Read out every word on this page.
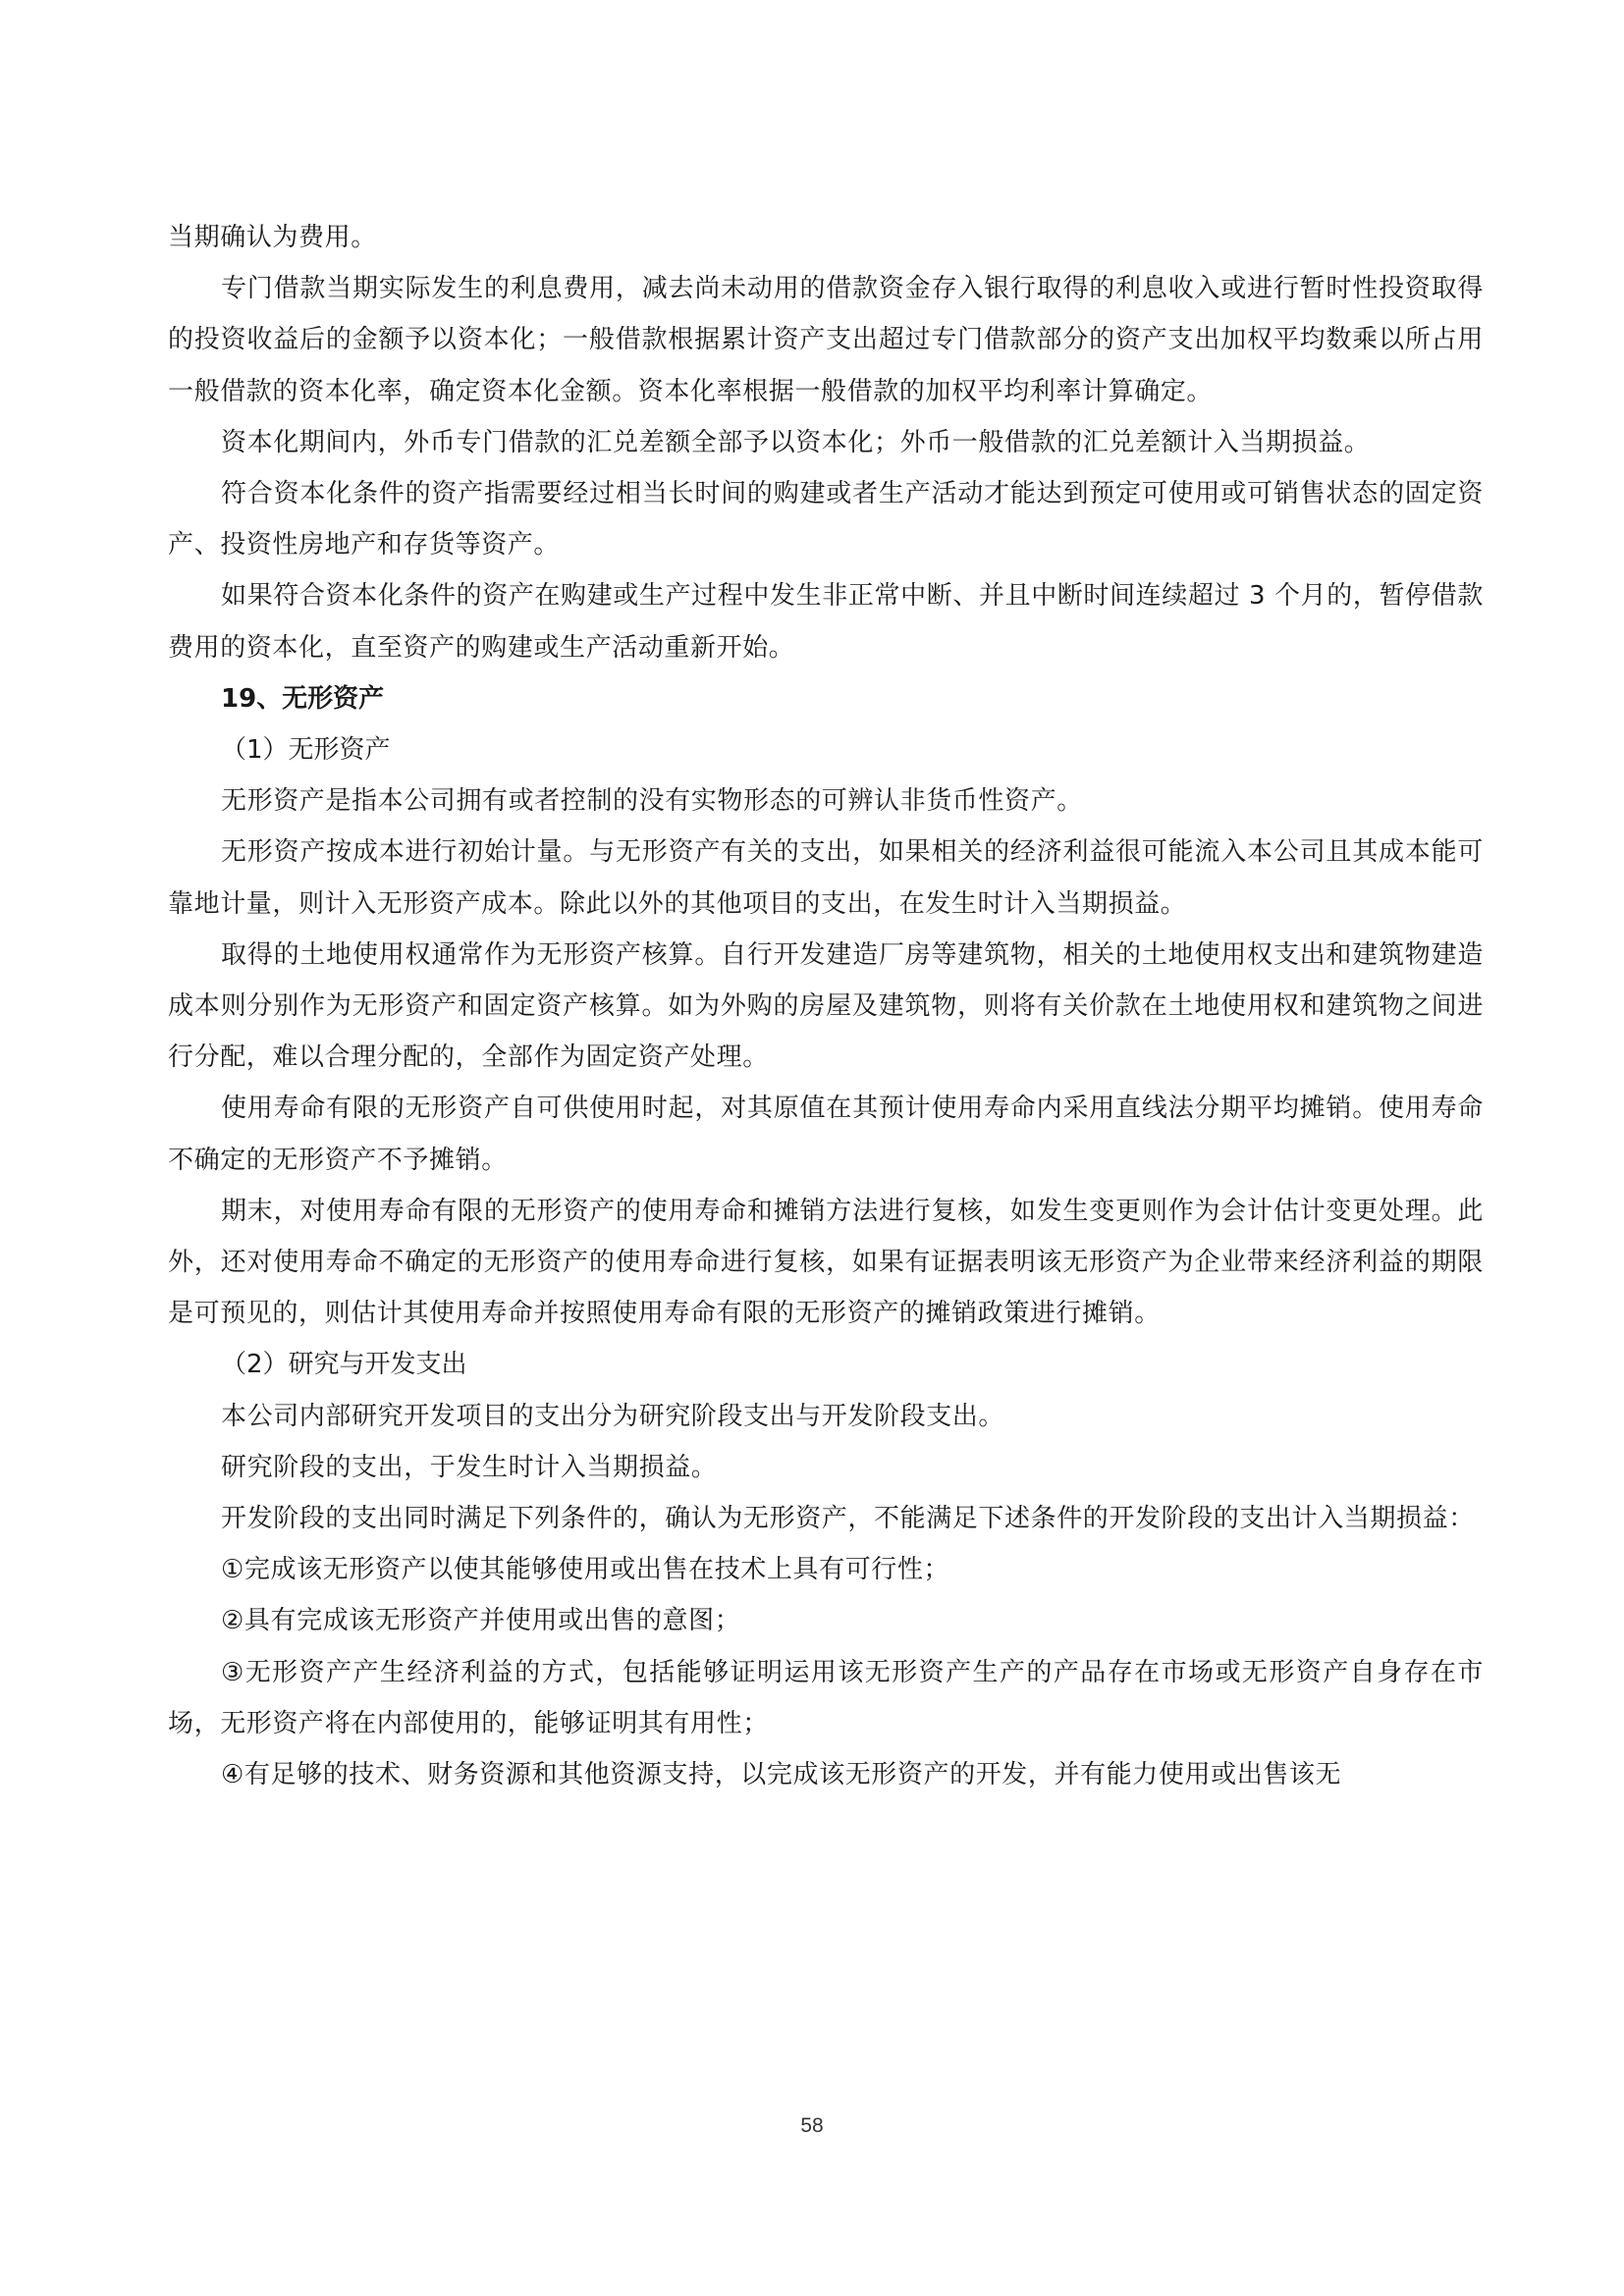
当期确认为费用。

专门借款当期实际发生的利息费用，减去尚未动用的借款资金存入银行取得的利息收入或进行暂时性投资取得的投资收益后的金额予以资本化；一般借款根据累计资产支出超过专门借款部分的资产支出加权平均数乘以所占用一般借款的资本化率，确定资本化金额。资本化率根据一般借款的加权平均利率计算确定。

资本化期间内，外币专门借款的汇兑差额全部予以资本化；外币一般借款的汇兑差额计入当期损益。

符合资本化条件的资产指需要经过相当长时间的购建或者生产活动才能达到预定可使用或可销售状态的固定资产、投资性房地产和存货等资产。

如果符合资本化条件的资产在购建或生产过程中发生非正常中断、并且中断时间连续超过 3 个月的，暂停借款费用的资本化，直至资产的购建或生产活动重新开始。

19、无形资产

（1）无形资产

无形资产是指本公司拥有或者控制的没有实物形态的可辨认非货币性资产。

无形资产按成本进行初始计量。与无形资产有关的支出，如果相关的经济利益很可能流入本公司且其成本能可靠地计量，则计入无形资产成本。除此以外的其他项目的支出，在发生时计入当期损益。

取得的土地使用权通常作为无形资产核算。自行开发建造厂房等建筑物，相关的土地使用权支出和建筑物建造成本则分别作为无形资产和固定资产核算。如为外购的房屋及建筑物，则将有关价款在土地使用权和建筑物之间进行分配，难以合理分配的，全部作为固定资产处理。

使用寿命有限的无形资产自可供使用时起，对其原值在其预计使用寿命内采用直线法分期平均摊销。使用寿命不确定的无形资产不予摊销。

期末，对使用寿命有限的无形资产的使用寿命和摊销方法进行复核，如发生变更则作为会计估计变更处理。此外，还对使用寿命不确定的无形资产的使用寿命进行复核，如果有证据表明该无形资产为企业带来经济利益的期限是可预见的，则估计其使用寿命并按照使用寿命有限的无形资产的摊销政策进行摊销。

（2）研究与开发支出

本公司内部研究开发项目的支出分为研究阶段支出与开发阶段支出。

研究阶段的支出，于发生时计入当期损益。

开发阶段的支出同时满足下列条件的，确认为无形资产，不能满足下述条件的开发阶段的支出计入当期损益：

①完成该无形资产以使其能够使用或出售在技术上具有可行性；

②具有完成该无形资产并使用或出售的意图；

③无形资产产生经济利益的方式，包括能够证明运用该无形资产生产的产品存在市场或无形资产自身存在市场，无形资产将在内部使用的，能够证明其有用性；

④有足够的技术、财务资源和其他资源支持，以完成该无形资产的开发，并有能力使用或出售该无

58
